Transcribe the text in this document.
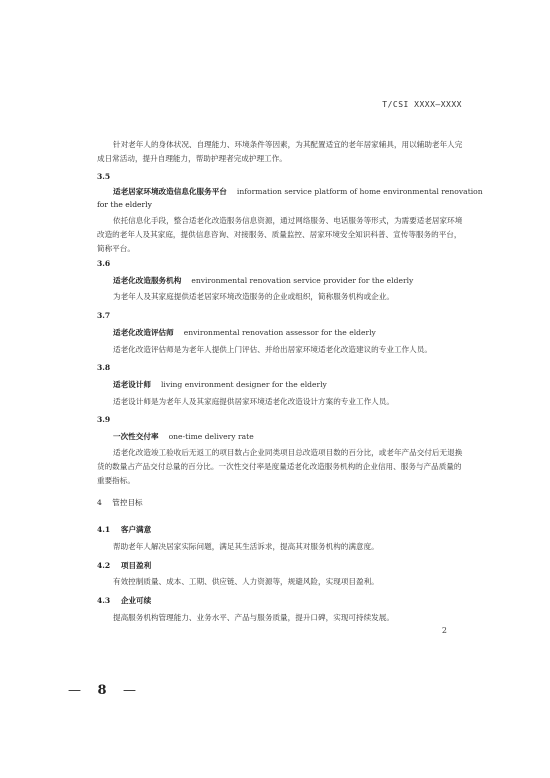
T/CSI XXXX—XXXX
针对老年人的身体状况、自理能力、环境条件等因素，为其配置适宜的老年居家辅具，用以辅助老年人完成日常活动，提升自理能力，帮助护理者完成护理工作。
3.5
适老居家环境改造信息化服务平台 information service platform of home environmental renovation
for the elderly
依托信息化手段，整合适老化改造服务信息资源，通过网络服务、电话服务等形式，为需要适老居家环境改造的老年人及其家庭，提供信息咨询、对接服务、质量监控、居家环境安全知识科普、宣传等服务的平台，简称平台。
3.6
适老化改造服务机构 environmental renovation service provider for the elderly
为老年人及其家庭提供适老居家环境改造服务的企业或组织，简称服务机构或企业。
3.7
适老化改造评估师 environmental renovation assessor for the elderly
适老化改造评估师是为老年人提供上门评估、并给出居家环境适老化改造建议的专业工作人员。
3.8
适老设计师 living environment designer for the elderly
适老设计师是为老年人及其家庭提供居家环境适老化改造设计方案的专业工作人员。
3.9
一次性交付率 one-time delivery rate
适老化改造竣工验收后无返工的项目数占企业同类项目总改造项目数的百分比，或老年产品交付后无退换货的数量占产品交付总量的百分比。一次性交付率是度量适老化改造服务机构的企业信用、服务与产品质量的重要指标。
4 管控目标
4.1 客户满意
帮助老年人解决居家实际问题，满足其生活诉求，提高其对服务机构的满意度。
4.2 项目盈利
有效控制质量、成本、工期、供应链、人力资源等，规避风险，实现项目盈利。
4.3 企业可续
提高服务机构管理能力、业务水平、产品与服务质量，提升口碑，实现可持续发展。
2
— 8 —
